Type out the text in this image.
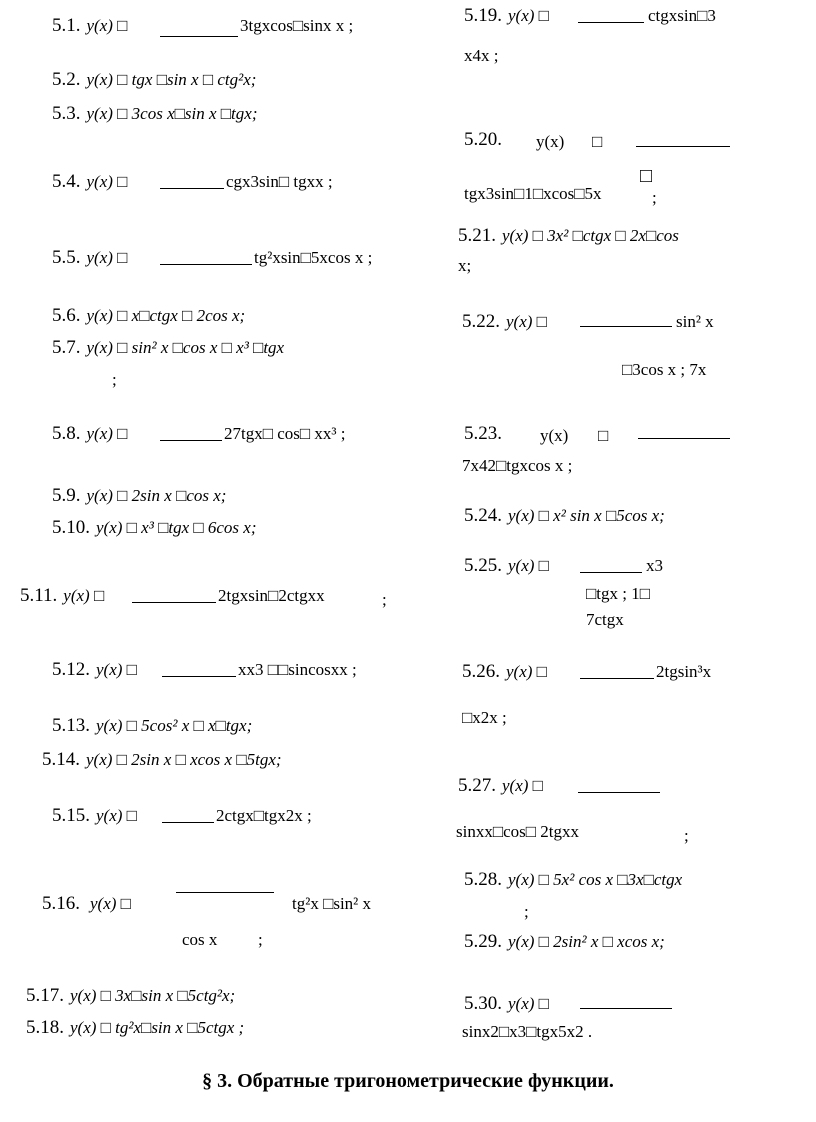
5.1. y(x) □	3tgxcos□sinx x ;
5.2. y(x) □ tgx □sin x □ ctg²x;
5.3. y(x) □ 3cos x□sin x □tgx;
5.4. y(x) □	cgx3sin□ tgxx ;
5.5. y(x) □	tg²xsin□5xcos x ;
5.6. y(x) □ x□ctgx □ 2cos x;
5.7. y(x) □ sin² x □cos x □ x³ □tgx
;
5.8. y(x) □	27tgx□ cos□ xx³ ;
5.9. y(x) □ 2sin x □cos x;
5.10. y(x) □ x³ □tgx □ 6cos x;
5.11. y(x) □	2tgxsin□2ctgxx	;
5.12. y(x) □	xx3 □□sincosxx ;
5.13. y(x) □ 5cos² x □ x□tgx;
5.14. y(x) □ 2sin x □ xcos x □5tgx;
5.15. y(x) □	2ctgx□tgx2x ;
5.16. y(x) □	tg²x □sin² x
cos x ;
5.17. y(x) □ 3x□sin x □5ctg²x;
5.18. y(x) □ tg²x□sin x □5ctgx ;
5.19. y(x) □	ctgxsin□3
x4x ;
5.20.	y(x) □
tgx3sin□1□xcos□5x
□
;
5.21. y(x) □ 3x² □ctgx □ 2x□cos
x;
5.22. y(x) □	sin² x
□3cos x ; 7x
5.23.	y(x) □
7x42□tgxcos x ;
5.24. y(x) □ x² sin x □5cos x;
5.25. y(x) □	x3
□tgx ; 1□
7ctgx
5.26. y(x) □	2tgsin³x
□x2x ;
5.27. y(x) □
sinxx□cos□ 2tgxx	;
5.28. y(x) □ 5x² cos x □3x□ctgx
;
5.29. y(x) □ 2sin² x □ xcos x;
5.30. y(x) □
sinx2□x3□tgx5x2 .
§ 3. Обратные тригонометрические функции.
